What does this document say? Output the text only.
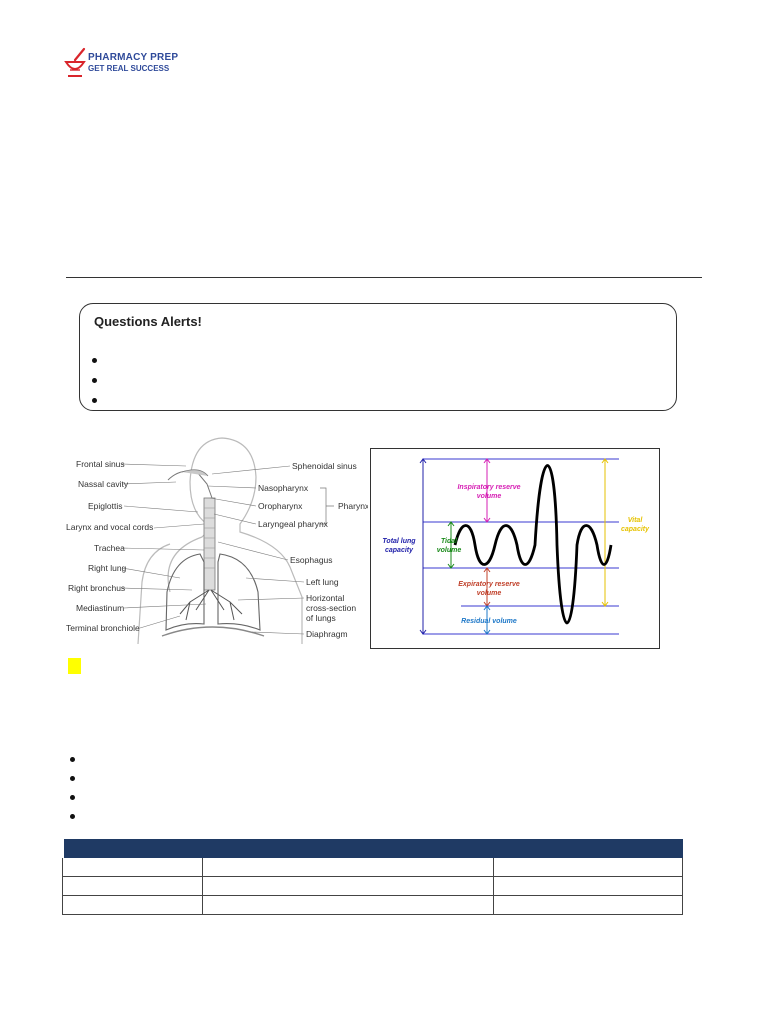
PHARMACY PREP
GET REAL SUCCESS
Questions Alerts!
Frontal sinus
Nassal cavity
Epiglottis
Larynx and vocal cords
Trachea
Right lung
Right bronchus
Mediastinum
Terminal bronchiole
Sphenoidal sinus
Nasopharynx
Oropharynx
Laryngeal pharynx
Pharynx
Esophagus
Left lung
Horizontal
cross-section
of lungs
Diaphragm
Inspiratory reserve
volume
Tidal
volume
Expiratory reserve
volume
Residual volume
Total lung
capacity
Vital
capacity
